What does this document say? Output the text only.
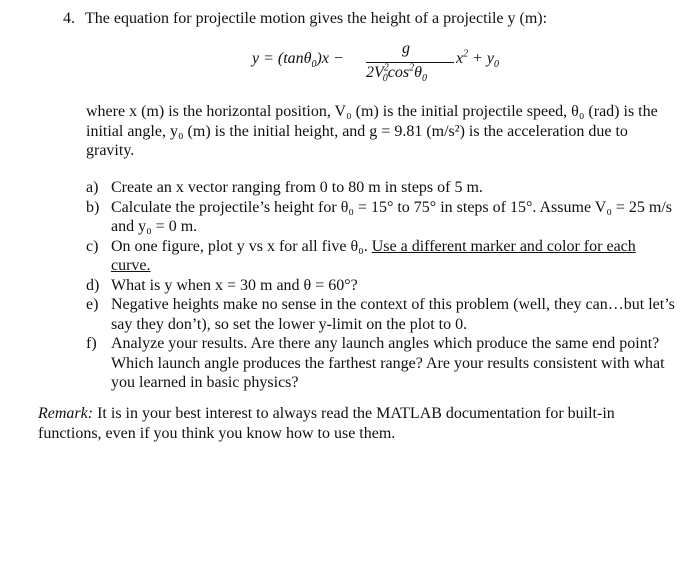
4. The equation for projectile motion gives the height of a projectile y (m):
y = (tanθ$_0$)x −
g
$2V^2_0\cos^2\theta_0$
$x^2 + y_0$
where x (m) is the horizontal position, V₀ (m) is the initial projectile speed, θ₀ (rad) is the initial angle, y₀ (m) is the initial height, and g = 9.81 (m/s²) is the acceleration due to gravity.
a) Create an x vector ranging from 0 to 80 m in steps of 5 m.
b) Calculate the projectile’s height for θ₀ = 15° to 75° in steps of 15°. Assume V₀ = 25 m/s and y₀ = 0 m.
c) On one figure, plot y vs x for all five θ₀. Use a different marker and color for each curve.
d) What is y when x = 30 m and θ = 60°?
e) Negative heights make no sense in the context of this problem (well, they can…but let’s say they don’t), so set the lower y-limit on the plot to 0.
f) Analyze your results. Are there any launch angles which produce the same end point? Which launch angle produces the farthest range? Are your results consistent with what you learned in basic physics?
Remark: It is in your best interest to always read the MATLAB documentation for built-in functions, even if you think you know how to use them.
